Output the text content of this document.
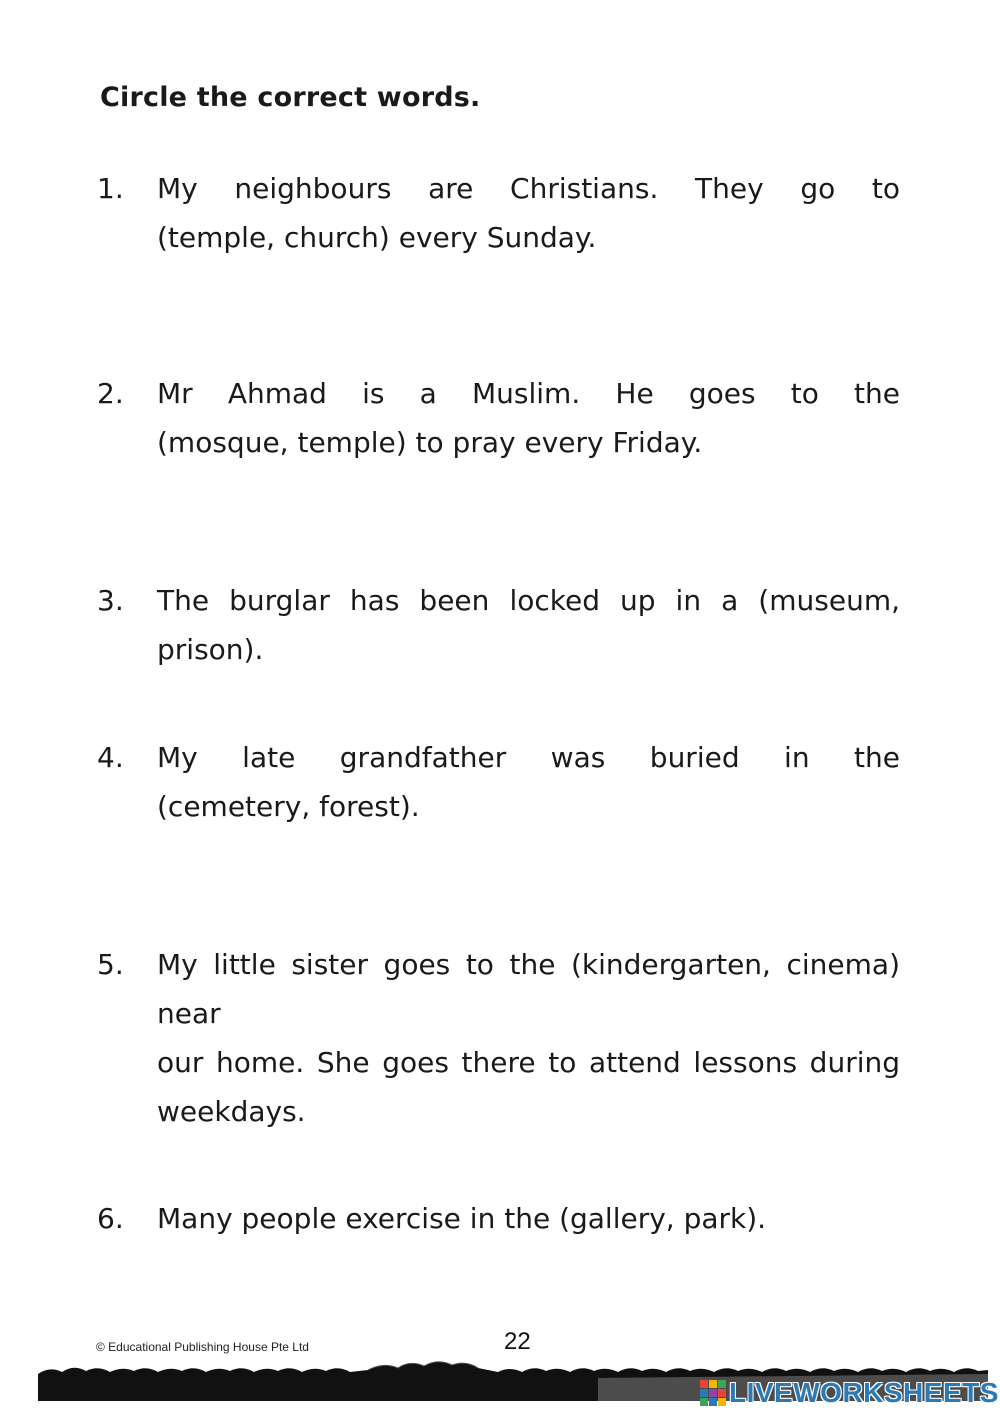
Circle the correct words.
1.	My neighbours are Christians. They go to
(temple, church) every Sunday.
2.	Mr Ahmad is a Muslim. He goes to the
(mosque, temple) to pray every Friday.
3.	The burglar has been locked up in a (museum, prison).
4.	My late grandfather was buried in the
(cemetery, forest).
5.	My little sister goes to the (kindergarten, cinema) near
our home. She goes there to attend lessons during
weekdays.
6.	Many people exercise in the (gallery, park).
© Educational Publishing House Pte Ltd	22
LIVEWORKSHEETS
